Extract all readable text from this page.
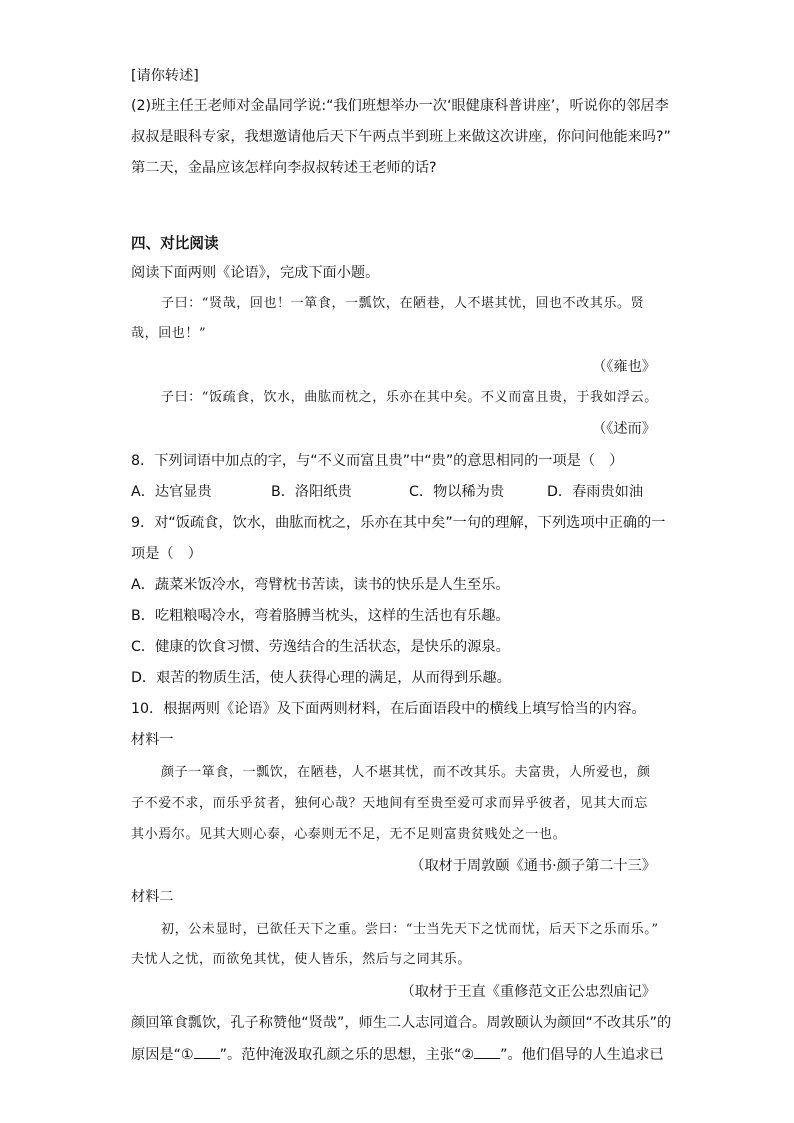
[请你转述]
(2)班主任王老师对金晶同学说:“我们班想举办一次‘眼健康科普讲座’，听说你的邻居李
叔叔是眼科专家，我想邀请他后天下午两点半到班上来做这次讲座，你问问他能来吗?”
第二天，金晶应该怎样向李叔叔转述王老师的话?
四、对比阅读
阅读下面两则《论语》，完成下面小题。
子曰：“贤哉，回也！一箪食，一瓢饮，在陋巷，人不堪其忧，回也不改其乐。贤
哉，回也！”
（《雍也》
子曰：“饭疏食，饮水，曲肱而枕之，乐亦在其中矣。不义而富且贵，于我如浮云。
（《述而》
8．下列词语中加点的字，与“不义而富且贵”中“贵”的意思相同的一项是（　）
A．达官显贵	B．洛阳纸贵	C．物以稀为贵	D．春雨贵如油
9．对“饭疏食，饮水，曲肱而枕之，乐亦在其中矣”一句的理解，下列选项中正确的一
项是（　）
A．蔬菜米饭冷水，弯臂枕书苦读，读书的快乐是人生至乐。
B．吃粗粮喝冷水，弯着胳膊当枕头，这样的生活也有乐趣。
C．健康的饮食习惯、劳逸结合的生活状态，是快乐的源泉。
D．艰苦的物质生活，使人获得心理的满足，从而得到乐趣。
10．根据两则《论语》及下面两则材料，在后面语段中的横线上填写恰当的内容。
材料一
颜子一箪食，一瓢饮，在陋巷，人不堪其忧，而不改其乐。夫富贵，人所爱也，颜
子不爱不求，而乐乎贫者，独何心哉？天地间有至贵至爱可求而异乎彼者，见其大而忘
其小焉尔。见其大则心泰，心泰则无不足，无不足则富贵贫贱处之一也。
（取材于周敦颐《通书·颜子第二十三》
材料二
初，公未显时，已欲任天下之重。尝曰：“士当先天下之忧而忧，后天下之乐而乐。”
夫忧人之忧，而欲免其忧，使人皆乐，然后与之同其乐。
（取材于王直《重修范文正公忠烈庙记》
颜回箪食瓢饮，孔子称赞他“贤哉”，师生二人志同道合。周敦颐认为颜回“不改其乐”的
原因是“① ”。范仲淹汲取孔颜之乐的思想，主张“② ”。他们倡导的人生追求已
